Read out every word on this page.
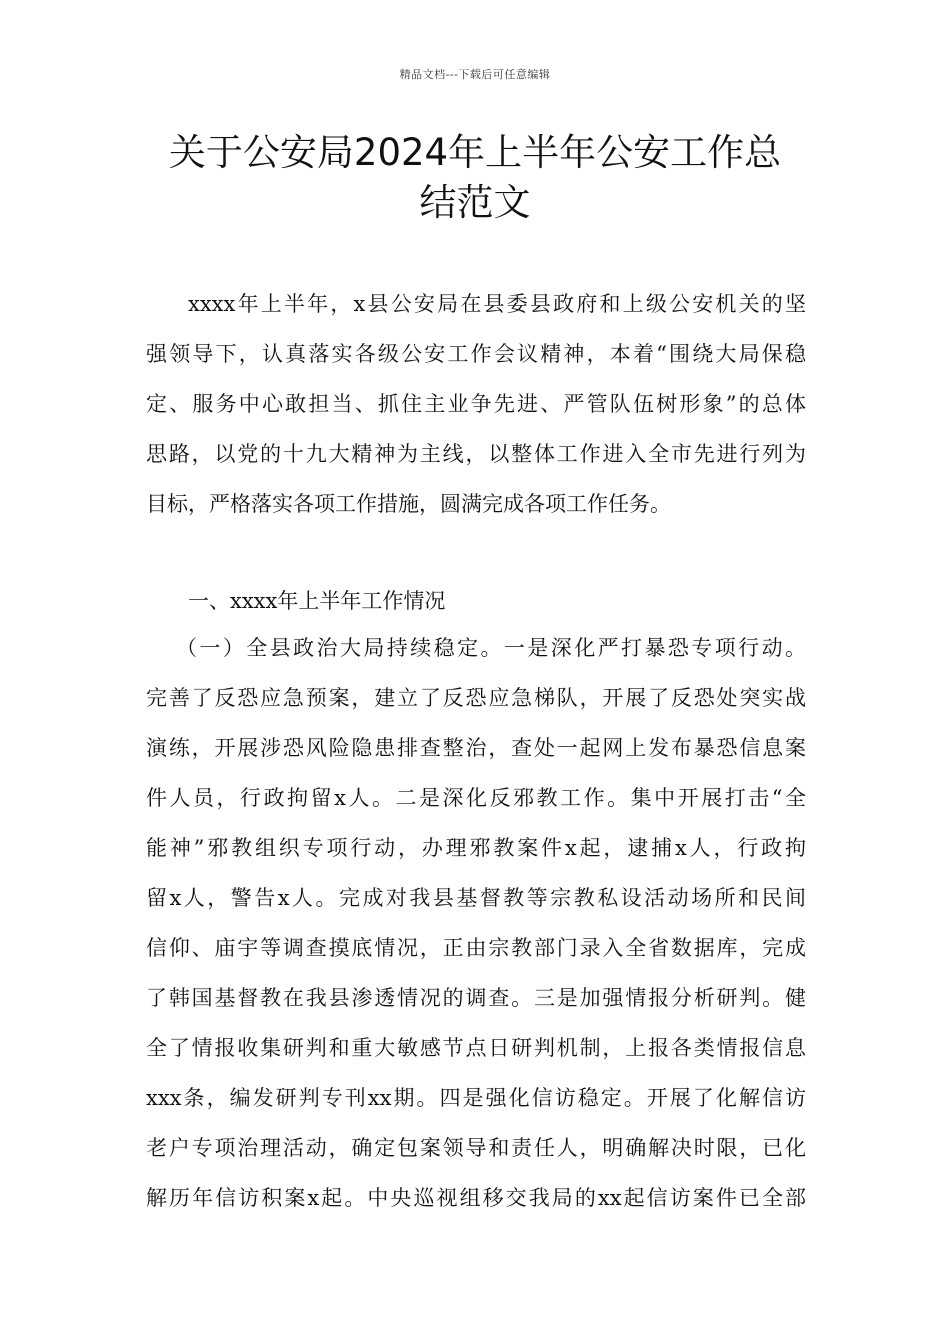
精品文档---下载后可任意编辑
关于公安局2024年上半年公安工作总
结范文
xxxx年上半年，x县公安局在县委县政府和上级公安机关的坚
强领导下，认真落实各级公安工作会议精神，本着“围绕大局保稳
定、服务中心敢担当、抓住主业争先进、严管队伍树形象”的总体
思路，以党的十九大精神为主线，以整体工作进入全市先进行列为
目标，严格落实各项工作措施，圆满完成各项工作任务。
一、xxxx年上半年工作情况
（一）全县政治大局持续稳定。一是深化严打暴恐专项行动。
完善了反恐应急预案，建立了反恐应急梯队，开展了反恐处突实战
演练，开展涉恐风险隐患排查整治，查处一起网上发布暴恐信息案
件人员，行政拘留x人。二是深化反邪教工作。集中开展打击“全
能神”邪教组织专项行动，办理邪教案件x起，逮捕x人，行政拘
留x人，警告x人。完成对我县基督教等宗教私设活动场所和民间
信仰、庙宇等调查摸底情况，正由宗教部门录入全省数据库，完成
了韩国基督教在我县渗透情况的调查。三是加强情报分析研判。健
全了情报收集研判和重大敏感节点日研判机制，上报各类情报信息
xxx条，编发研判专刊xx期。四是强化信访稳定。开展了化解信访
老户专项治理活动，确定包案领导和责任人，明确解决时限，已化
解历年信访积案x起。中央巡视组移交我局的xx起信访案件已全部
